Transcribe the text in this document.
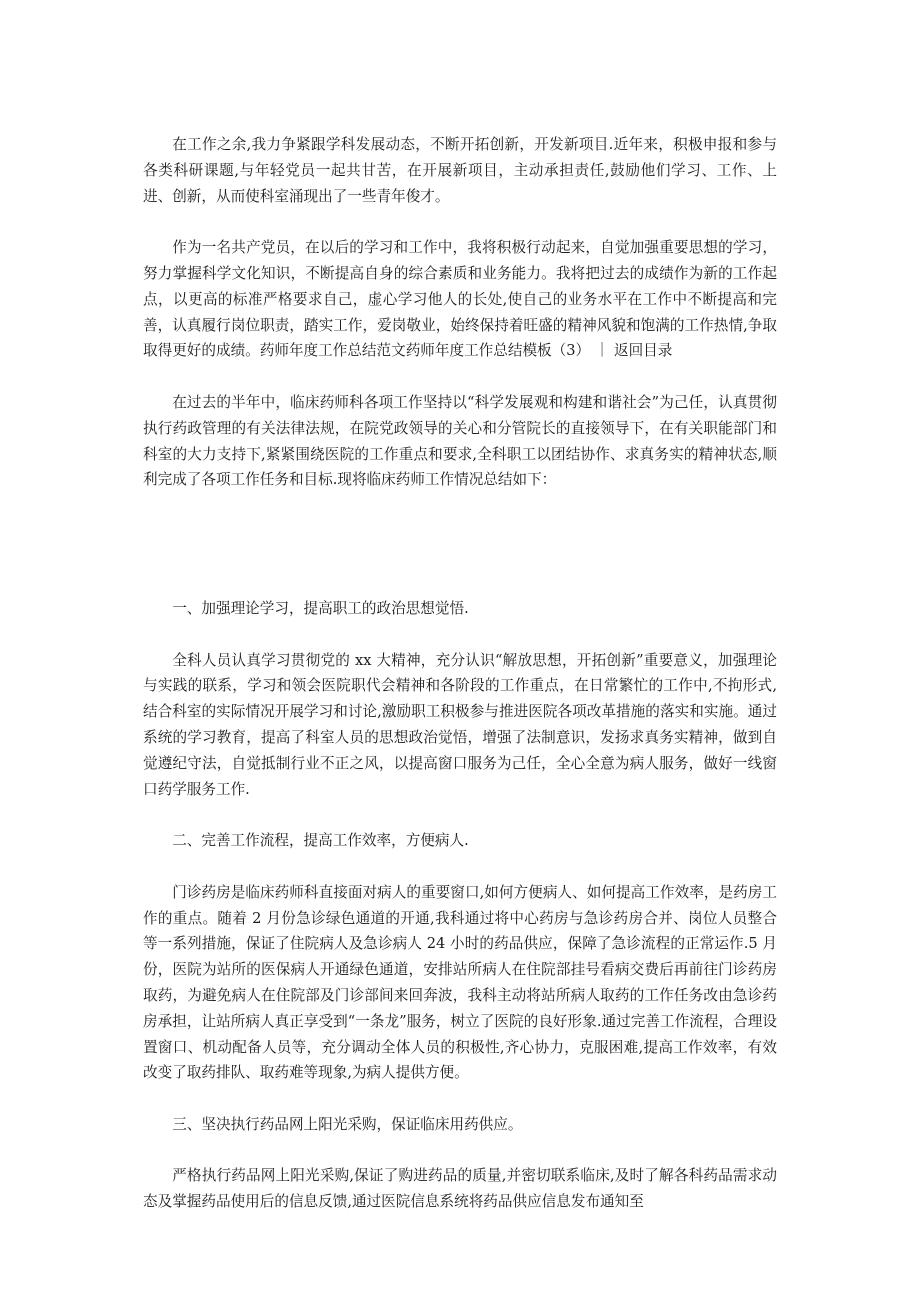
在工作之余,我力争紧跟学科发展动态，不断开拓创新，开发新项目.近年来，积极申报和参与各类科研课题,与年轻党员一起共甘苦，在开展新项目，主动承担责任,鼓励他们学习、工作、上进、创新，从而使科室涌现出了一些青年俊才。

作为一名共产党员，在以后的学习和工作中，我将积极行动起来，自觉加强重要思想的学习，努力掌握科学文化知识，不断提高自身的综合素质和业务能力。我将把过去的成绩作为新的工作起点，以更高的标准严格要求自己，虚心学习他人的长处,使自己的业务水平在工作中不断提高和完善，认真履行岗位职责，踏实工作，爱岗敬业，始终保持着旺盛的精神风貌和饱满的工作热情,争取取得更好的成绩。药师年度工作总结范文药师年度工作总结模板（3） ｜ 返回目录

在过去的半年中，临床药师科各项工作坚持以“科学发展观和构建和谐社会”为己任，认真贯彻执行药政管理的有关法律法规，在院党政领导的关心和分管院长的直接领导下，在有关职能部门和科室的大力支持下,紧紧围绕医院的工作重点和要求,全科职工以团结协作、求真务实的精神状态,顺利完成了各项工作任务和目标.现将临床药师工作情况总结如下：

一、加强理论学习，提高职工的政治思想觉悟.

全科人员认真学习贯彻党的 xx 大精神，充分认识“解放思想，开拓创新”重要意义，加强理论与实践的联系，学习和领会医院职代会精神和各阶段的工作重点，在日常繁忙的工作中,不拘形式,结合科室的实际情况开展学习和讨论,激励职工积极参与推进医院各项改革措施的落实和实施。通过系统的学习教育，提高了科室人员的思想政治觉悟，增强了法制意识，发扬求真务实精神，做到自觉遵纪守法，自觉抵制行业不正之风，以提高窗口服务为己任，全心全意为病人服务，做好一线窗口药学服务工作.

二、完善工作流程，提高工作效率，方便病人.

门诊药房是临床药师科直接面对病人的重要窗口,如何方便病人、如何提高工作效率，是药房工作的重点。随着 2 月份急诊绿色通道的开通,我科通过将中心药房与急诊药房合并、岗位人员整合等一系列措施，保证了住院病人及急诊病人 24 小时的药品供应，保障了急诊流程的正常运作.5 月份，医院为站所的医保病人开通绿色通道，安排站所病人在住院部挂号看病交费后再前往门诊药房取药，为避免病人在住院部及门诊部间来回奔波，我科主动将站所病人取药的工作任务改由急诊药房承担，让站所病人真正享受到“一条龙”服务，树立了医院的良好形象.通过完善工作流程，合理设置窗口、机动配备人员等，充分调动全体人员的积极性,齐心协力，克服困难,提高工作效率，有效改变了取药排队、取药难等现象,为病人提供方便。

三、坚决执行药品网上阳光采购，保证临床用药供应。

严格执行药品网上阳光采购,保证了购进药品的质量,并密切联系临床,及时了解各科药品需求动态及掌握药品使用后的信息反馈,通过医院信息系统将药品供应信息发布通知至
